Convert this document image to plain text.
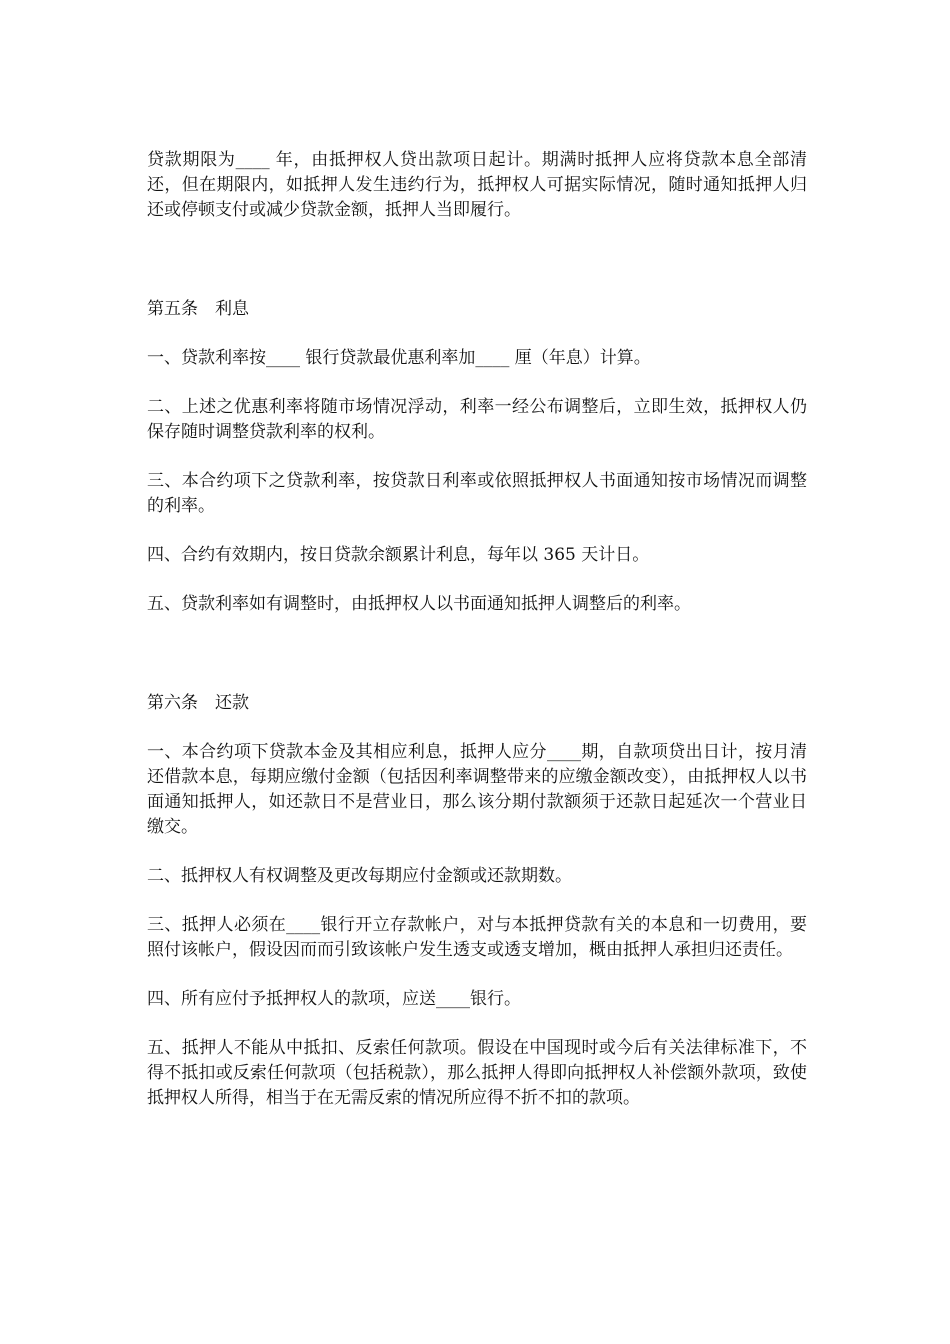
贷款期限为____ 年，由抵押权人贷出款项日起计。期满时抵押人应将贷款本息全部清还，但在期限内，如抵押人发生违约行为，抵押权人可据实际情况，随时通知抵押人归还或停顿支付或减少贷款金额，抵押人当即履行。

第五条　利息

一、贷款利率按____ 银行贷款最优惠利率加____ 厘（年息）计算。

二、上述之优惠利率将随市场情况浮动，利率一经公布调整后，立即生效，抵押权人仍保存随时调整贷款利率的权利。

三、本合约项下之贷款利率，按贷款日利率或依照抵押权人书面通知按市场情况而调整的利率。

四、合约有效期内，按日贷款余额累计利息，每年以 365 天计日。

五、贷款利率如有调整时，由抵押权人以书面通知抵押人调整后的利率。

第六条　还款

一、本合约项下贷款本金及其相应利息，抵押人应分____期，自款项贷出日计，按月清还借款本息，每期应缴付金额（包括因利率调整带来的应缴金额改变），由抵押权人以书面通知抵押人，如还款日不是营业日，那么该分期付款额须于还款日起延次一个营业日缴交。

二、抵押权人有权调整及更改每期应付金额或还款期数。

三、抵押人必须在____银行开立存款帐户，对与本抵押贷款有关的本息和一切费用，要照付该帐户，假设因而而引致该帐户发生透支或透支增加，概由抵押人承担归还责任。

四、所有应付予抵押权人的款项，应送____银行。

五、抵押人不能从中抵扣、反索任何款项。假设在中国现时或今后有关法律标准下，不得不抵扣或反索任何款项（包括税款），那么抵押人得即向抵押权人补偿额外款项，致使抵押权人所得，相当于在无需反索的情况所应得不折不扣的款项。
